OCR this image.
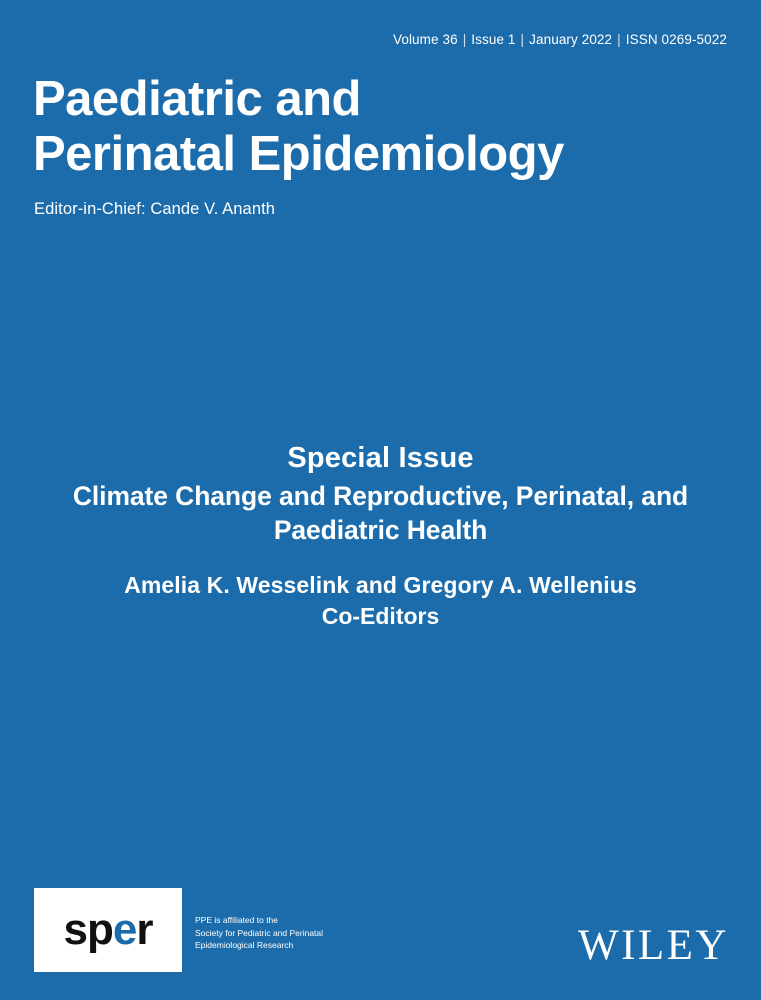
Volume 36 | Issue 1 | January 2022 | ISSN 0269-5022
Paediatric and
Perinatal Epidemiology
Editor-in-Chief: Cande V. Ananth
Special Issue
Climate Change and Reproductive, Perinatal, and Paediatric Health
Amelia K. Wesselink and Gregory A. Wellenius
Co-Editors
sp e r	PPE is affiliated to the
Society for Pediatric and Perinatal
Epidemiological Research	WILEY
